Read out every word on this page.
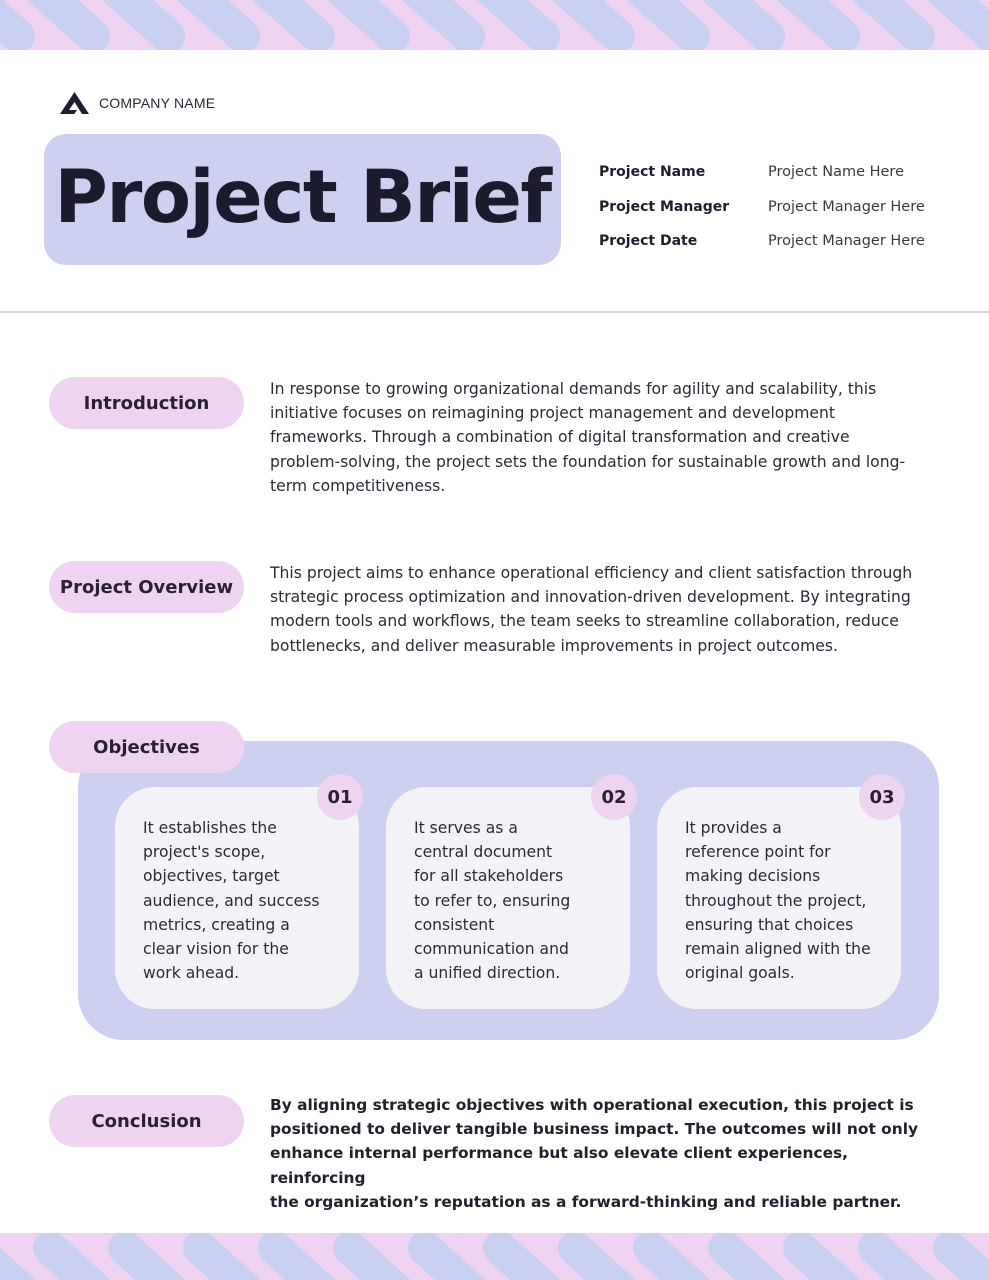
COMPANY NAME
Project Brief	Project Name	Project Name Here
Project Manager	Project Manager Here
Project Date	Project Manager Here
Introduction
In response to growing organizational demands for agility and scalability, this
initiative focuses on reimagining project management and development
frameworks. Through a combination of digital transformation and creative
problem-solving, the project sets the foundation for sustainable growth and long-
term competitiveness.
Project Overview
This project aims to enhance operational efficiency and client satisfaction through
strategic process optimization and innovation-driven development. By integrating
modern tools and workflows, the team seeks to streamline collaboration, reduce
bottlenecks, and deliver measurable improvements in project outcomes.
Objectives
It establishes the
project's scope,
objectives, target
audience, and success
metrics, creating a
clear vision for the
work ahead.
01
It serves as a
central document
for all stakeholders
to refer to, ensuring
consistent
communication and
a unified direction.
02
It provides a
reference point for
making decisions
throughout the project,
ensuring that choices
remain aligned with the
original goals.
03
Conclusion
By aligning strategic objectives with operational execution, this project is
positioned to deliver tangible business impact. The outcomes will not only
enhance internal performance but also elevate client experiences, reinforcing
the organization’s reputation as a forward-thinking and reliable partner.
